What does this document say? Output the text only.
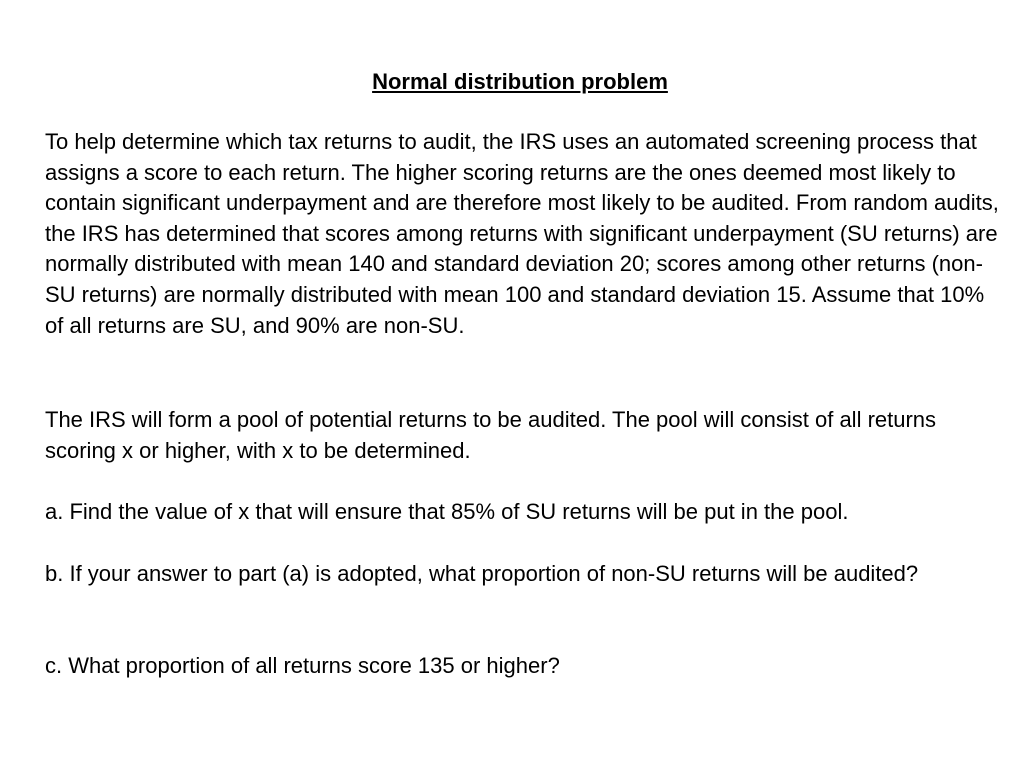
Normal distribution problem

To help determine which tax returns to audit, the IRS uses an automated screening process that assigns a score to each return. The higher scoring returns are the ones deemed most likely to contain significant underpayment and are therefore most likely to be audited. From random audits, the IRS has determined that scores among returns with significant underpayment (SU returns) are normally distributed with mean 140 and standard deviation 20; scores among other returns (non-SU returns) are normally distributed with mean 100 and standard deviation 15. Assume that 10% of all returns are SU, and 90% are non-SU.

The IRS will form a pool of potential returns to be audited. The pool will consist of all returns scoring x or higher, with x to be determined.

a. Find the value of x that will ensure that 85% of SU returns will be put in the pool.

b. If your answer to part (a) is adopted, what proportion of non-SU returns will be audited?

c. What proportion of all returns score 135 or higher?
